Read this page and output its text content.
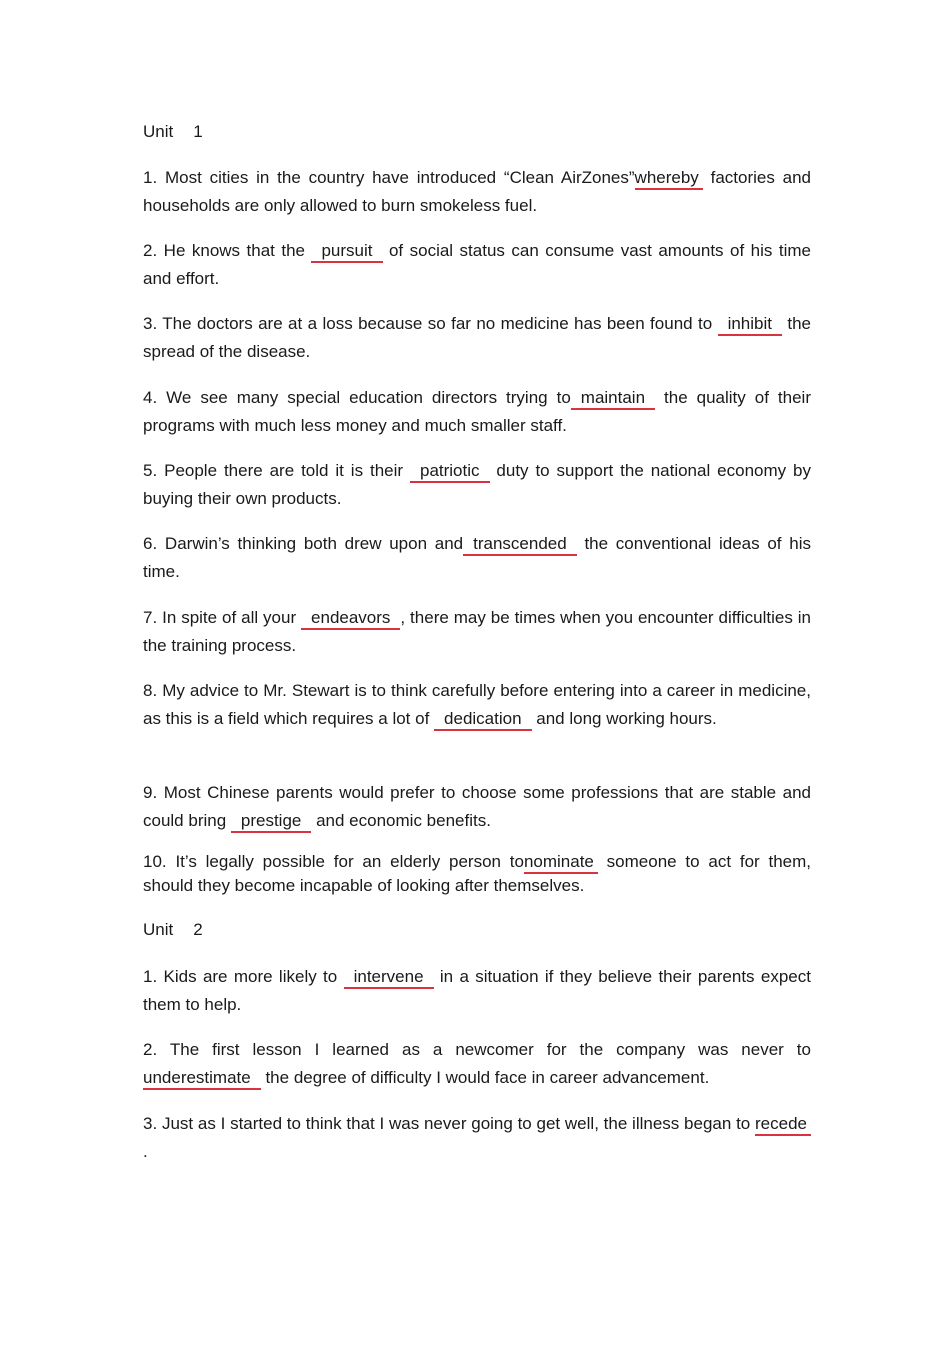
Unit 1

1. Most cities in the country have introduced “Clean AirZones”whereby factories and households are only allowed to burn smokeless fuel.

2. He knows that the pursuit of social status can consume vast amounts of his time and effort.

3. The doctors are at a loss because so far no medicine has been found to inhibit the spread of the disease.

4. We see many special education directors trying to maintain the quality of their programs with much less money and much smaller staff.

5. People there are told it is their patriotic duty to support the national economy by buying their own products.

6. Darwin’s thinking both drew upon and transcended the conventional ideas of his time.

7. In spite of all your endeavors , there may be times when you encounter difficulties in the training process.

8. My advice to Mr. Stewart is to think carefully before entering into a career in medicine, as this is a field which requires a lot of dedication and long working hours.

9. Most Chinese parents would prefer to choose some professions that are stable and could bring prestige and economic benefits.

10. It’s legally possible for an elderly person tonominate someone to act for them, should they become incapable of looking after themselves.

Unit 2

1. Kids are more likely to intervene in a situation if they believe their parents expect them to help.

2. The first lesson I learned as a newcomer for the company was never to underestimate the degree of difficulty I would face in career advancement.

3. Just as I started to think that I was never going to get well, the illness began to recede.
